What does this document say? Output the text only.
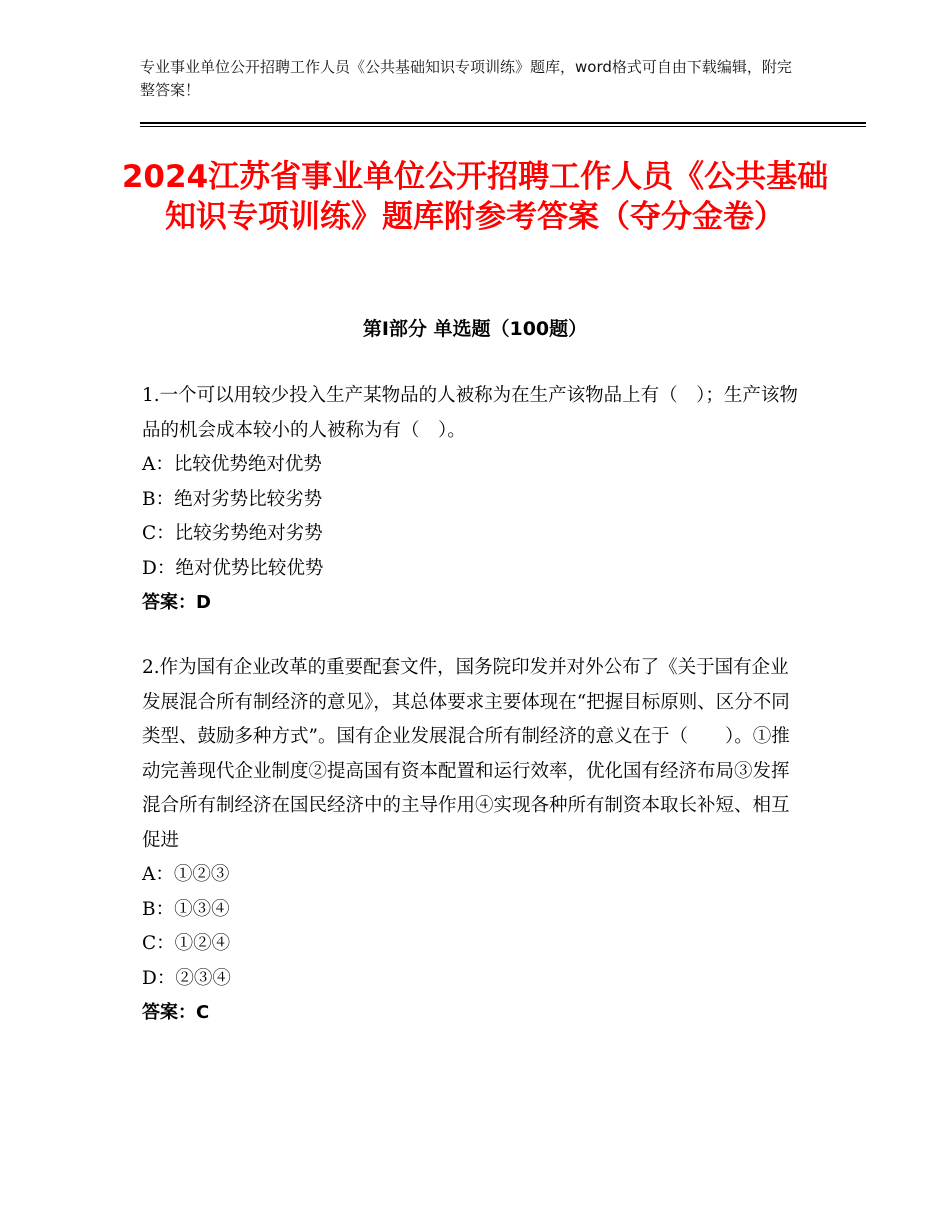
专业事业单位公开招聘工作人员《公共基础知识专项训练》题库，word格式可自由下载编辑，附完整答案！
2024江苏省事业单位公开招聘工作人员《公共基础知识专项训练》题库附参考答案（夺分金卷）
第Ⅰ部分 单选题（100题）

1.一个可以用较少投入生产某物品的人被称为在生产该物品上有（　）；生产该物品的机会成本较小的人被称为有（　）。

A：比较优势绝对优势

B：绝对劣势比较劣势

C：比较劣势绝对劣势

D：绝对优势比较优势

答案：D

2.作为国有企业改革的重要配套文件，国务院印发并对外公布了《关于国有企业发展混合所有制经济的意见》，其总体要求主要体现在“把握目标原则、区分不同类型、鼓励多种方式”。国有企业发展混合所有制经济的意义在于（　　）。①推动完善现代企业制度②提高国有资本配置和运行效率，优化国有经济布局③发挥混合所有制经济在国民经济中的主导作用④实现各种所有制资本取长补短、相互促进

A：①②③

B：①③④

C：①②④

D：②③④

答案：C
